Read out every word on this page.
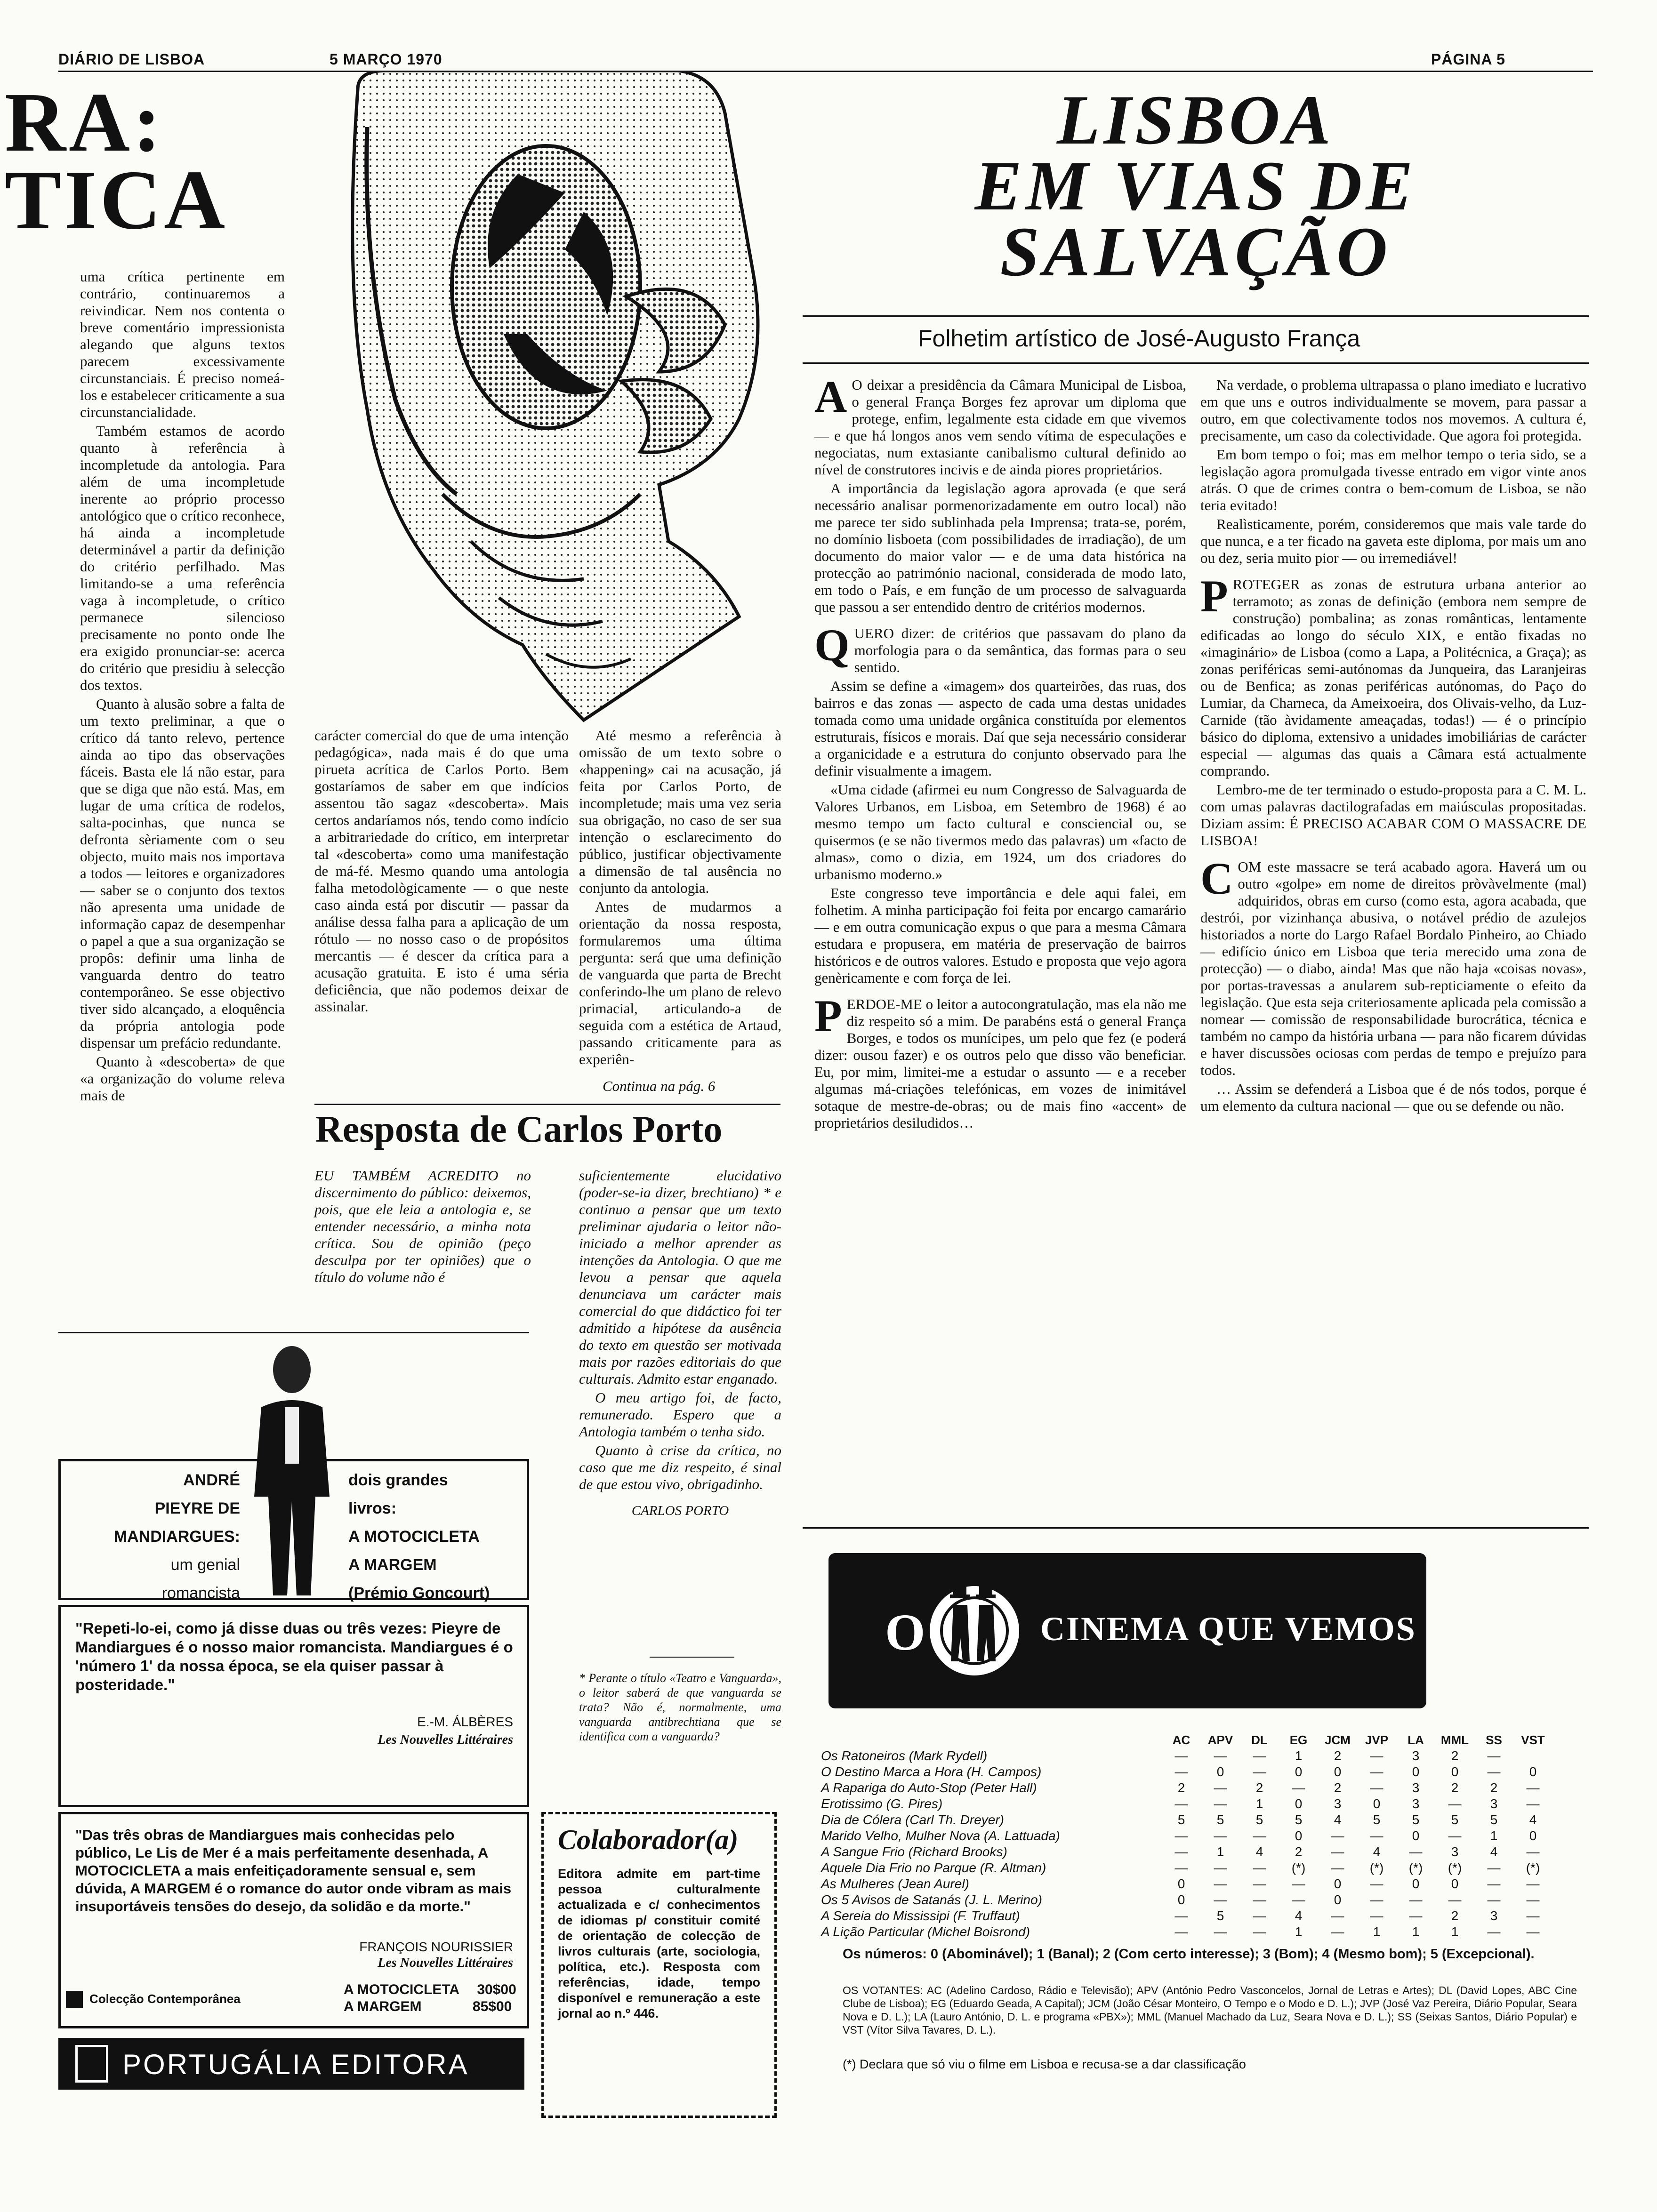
DIÁRIO DE LISBOA	5 MARÇO 1970	PÁGINA 5
RA:
TICA

uma crítica pertinente em contrário, continuaremos a reivindicar. Nem nos contenta o breve comentário impressionista alegando que alguns textos parecem excessivamente circunstanciais. É preciso nomeá-los e estabelecer criticamente a sua circunstancialidade.

Também estamos de acordo quanto à referência à incompletude da antologia. Para além de uma incompletude inerente ao próprio processo antológico que o crítico reconhece, há ainda a incompletude determinável a partir da definição do critério perfilhado. Mas limitando-se a uma referência vaga à incompletude, o crítico permanece silencioso precisamente no ponto onde lhe era exigido pronunciar-se: acerca do critério que presidiu à selecção dos textos.

Quanto à alusão sobre a falta de um texto preliminar, a que o crítico dá tanto relevo, pertence ainda ao tipo das observações fáceis. Basta ele lá não estar, para que se diga que não está. Mas, em lugar de uma crítica de rodelos, salta-pocinhas, que nunca se defronta sèriamente com o seu objecto, muito mais nos importava a todos — leitores e organizadores — saber se o conjunto dos textos não apresenta uma unidade de informação capaz de desempenhar o papel a que a sua organização se propôs: definir uma linha de vanguarda dentro do teatro contemporâneo. Se esse objectivo tiver sido alcançado, a eloquência da própria antologia pode dispensar um prefácio redundante.

Quanto à «descoberta» de que «a organização do volume releva mais de

carácter comercial do que de uma intenção pedagógica», nada mais é do que uma pirueta acrítica de Carlos Porto. Bem gostaríamos de saber em que indícios assentou tão sagaz «descoberta». Mais certos andaríamos nós, tendo como indício a arbitrariedade do crítico, em interpretar tal «descoberta» como uma manifestação de má-fé. Mesmo quando uma antologia falha metodològicamente — o que neste caso ainda está por discutir — passar da análise dessa falha para a aplicação de um rótulo — no nosso caso o de propósitos mercantis — é descer da crítica para a acusação gratuita. E isto é uma séria deficiência, que não podemos deixar de assinalar.

Até mesmo a referência à omissão de um texto sobre o «happening» cai na acusação, já feita por Carlos Porto, de incompletude; mais uma vez seria sua obrigação, no caso de ser sua intenção o esclarecimento do público, justificar objectivamente a dimensão de tal ausência no conjunto da antologia.

Antes de mudarmos a orientação da nossa resposta, formularemos uma última pergunta: será que uma definição de vanguarda que parta de Brecht conferindo-lhe um plano de relevo primacial, articulando-a de seguida com a estética de Artaud, passando criticamente para as experiên-

Continua na pág. 6
Resposta de Carlos Porto

EU TAMBÉM ACREDITO no discernimento do público: deixemos, pois, que ele leia a antologia e, se entender necessário, a minha nota crítica. Sou de opinião (peço desculpa por ter opiniões) que o título do volume não é

suficientemente elucidativo (poder-se-ia dizer, brechtiano) * e continuo a pensar que um texto preliminar ajudaria o leitor não-iniciado a melhor aprender as intenções da Antologia. O que me levou a pensar que aquela denunciava um carácter mais comercial do que didáctico foi ter admitido a hipótese da ausência do texto em questão ser motivada mais por razões editoriais do que culturais. Admito estar enganado.

O meu artigo foi, de facto, remunerado. Espero que a Antologia também o tenha sido.

Quanto à crise da crítica, no caso que me diz respeito, é sinal de que estou vivo, obrigadinho.

CARLOS PORTO

* Perante o título «Teatro e Vanguarda», o leitor saberá de que vanguarda se trata? Não é, normalmente, uma vanguarda antibrechtiana que se identifica com a vanguarda?
Colaborador(a)
Editora admite em part-time pessoa culturalmente actualizada e c/ conhecimentos de idiomas p/ constituir comité de orientação de colecção de livros culturais (arte, sociologia, política, etc.). Resposta com referências, idade, tempo disponível e remuneração a este jornal ao n.º 446.
ANDRÉ
PIEYRE DE
MANDIARGUES:
um genial
romancista
dois grandes
livros:
A MOTOCICLETA
A MARGEM
(Prémio Goncourt)
"Repeti-lo-ei, como já disse duas ou três vezes: Pieyre de Mandiargues é o nosso maior romancista. Mandiargues é o 'número 1' da nossa época, se ela quiser passar à posteridade."
E.-M. ÁLBÈRES
Les Nouvelles Littéraires
"Das três obras de Mandiargues mais conhecidas pelo público, Le Lis de Mer é a mais perfeitamente desenhada, A MOTOCICLETA a mais enfeitiçadoramente sensual e, sem dúvida, A MARGEM é o romance do autor onde vibram as mais insuportáveis tensões do desejo, da solidão e da morte."
FRANÇOIS NOURISSIER
Les Nouvelles Littéraires
Colecção Contemporânea
A MOTOCICLETA 30$00
A MARGEM	85$00
PORTUGÁLIA EDITORA
LISBOA
EM VIAS DE
SALVAÇÃO
Folhetim artístico de José-Augusto França

A O deixar a presidência da Câmara Municipal de Lisboa, o general França Borges fez aprovar um diploma que protege, enfim, legalmente esta cidade em que vivemos — e que há longos anos vem sendo vítima de especulações e negociatas, num extasiante canibalismo cultural definido ao nível de construtores incivis e de ainda piores proprietários.

A importância da legislação agora aprovada (e que será necessário analisar pormenorizadamente em outro local) não me parece ter sido sublinhada pela Imprensa; trata-se, porém, no domínio lisboeta (com possibilidades de irradiação), de um documento do maior valor — e de uma data histórica na protecção ao património nacional, considerada de modo lato, em todo o País, e em função de um processo de salvaguarda que passou a ser entendido dentro de critérios modernos.

QUERO dizer: de critérios que passavam do plano da morfologia para o da semântica, das formas para o seu sentido.

Assim se define a «imagem» dos quarteirões, das ruas, dos bairros e das zonas — aspecto de cada uma destas unidades tomada como uma unidade orgânica constituída por elementos estruturais, físicos e morais. Daí que seja necessário considerar a organicidade e a estrutura do conjunto observado para lhe definir visualmente a imagem.

«Uma cidade (afirmei eu num Congresso de Salvaguarda de Valores Urbanos, em Lisboa, em Setembro de 1968) é ao mesmo tempo um facto cultural e consciencial ou, se quisermos (e se não tivermos medo das palavras) um «facto de almas», como o dizia, em 1924, um dos criadores do urbanismo moderno.»

Este congresso teve importância e dele aqui falei, em folhetim. A minha participação foi feita por encargo camarário — e em outra comunicação expus o que para a mesma Câmara estudara e propusera, em matéria de preservação de bairros históricos e de outros valores. Estudo e proposta que vejo agora genèricamente e com força de lei.

PERDOE-ME o leitor a autocongratulação, mas ela não me diz respeito só a mim. De parabéns está o general França Borges, e todos os munícipes, um pelo que fez (e poderá dizer: ousou fazer) e os outros pelo que disso vão beneficiar. Eu, por mim, limitei-me a estudar o assunto — e a receber algumas má-criações telefónicas, em vozes de inimitável sotaque de mestre-de-obras; ou de mais fino «accent» de proprietários desiludidos…

Na verdade, o problema ultrapassa o plano imediato e lucrativo em que uns e outros individualmente se movem, para passar a outro, em que colectivamente todos nos movemos. A cultura é, precisamente, um caso da colectividade. Que agora foi protegida.

Em bom tempo o foi; mas em melhor tempo o teria sido, se a legislação agora promulgada tivesse entrado em vigor vinte anos atrás. O que de crimes contra o bem-comum de Lisboa, se não teria evitado!

Realìsticamente, porém, consideremos que mais vale tarde do que nunca, e a ter ficado na gaveta este diploma, por mais um ano ou dez, seria muito pior — ou irremediável!

PROTEGER as zonas de estrutura urbana anterior ao terramoto; as zonas de definição (embora nem sempre de construção) pombalina; as zonas românticas, lentamente edificadas ao longo do século XIX, e então fixadas no «imaginário» de Lisboa (como a Lapa, a Politécnica, a Graça); as zonas periféricas semi-autónomas da Junqueira, das Laranjeiras ou de Benfica; as zonas periféricas autónomas, do Paço do Lumiar, da Charneca, da Ameixoeira, dos Olivais-velho, da Luz-Carnide (tão àvidamente ameaçadas, todas!) — é o princípio básico do diploma, extensivo a unidades imobiliárias de carácter especial — algumas das quais a Câmara está actualmente comprando.

Lembro-me de ter terminado o estudo-proposta para a C. M. L. com umas palavras dactilografadas em maiúsculas propositadas. Diziam assim: É PRECISO ACABAR COM O MASSACRE DE LISBOA!

COM este massacre se terá acabado agora. Haverá um ou outro «golpe» em nome de direitos pròvàvelmente (mal) adquiridos, obras em curso (como esta, agora acabada, que destrói, por vizinhança abusiva, o notável prédio de azulejos historiados a norte do Largo Rafael Bordalo Pinheiro, ao Chiado — edifício único em Lisboa que teria merecido uma zona de protecção) — o diabo, ainda! Mas que não haja «coisas novas», por portas-travessas a anularem sub-repticiamente o efeito da legislação. Que esta seja criteriosamente aplicada pela comissão a nomear — comissão de responsabilidade burocrática, técnica e também no campo da história urbana — para não ficarem dúvidas e haver discussões ociosas com perdas de tempo e prejuízo para todos.

… Assim se defenderá a Lisboa que é de nós todos, porque é um elemento da cultura nacional — que ou se defende ou não.

O	CINEMA QUE VEMOS
	AC	APV	DL	EG	JCM	JVP	LA	MML	SS	VST
Os Ratoneiros (Mark Rydell)	—	—	—	1	2	—	3	2	—	
O Destino Marca a Hora (H. Campos)	—	0	—	0	0	—	0	0	—	0
A Rapariga do Auto-Stop (Peter Hall)	2	—	2	—	2	—	3	2	2	—
Erotissimo (G. Pires)	—	—	1	0	3	0	3	—	3	—
Dia de Cólera (Carl Th. Dreyer)	5	5	5	5	4	5	5	5	5	4
Marido Velho, Mulher Nova (A. Lattuada)	—	—	—	0	—	—	0	—	1	0
A Sangue Frio (Richard Brooks)	—	1	4	2	—	4	—	3	4	—
Aquele Dia Frio no Parque (R. Altman)	—	—	—	(*)	—	(*)	(*)	(*)	—	(*)
As Mulheres (Jean Aurel)	0	—	—	—	0	—	0	0	—	—
Os 5 Avisos de Satanás (J. L. Merino)	0	—	—	—	0	—	—	—	—	—
A Sereia do Mississipi (F. Truffaut)	—	5	—	4	—	—	—	2	3	—
A Lição Particular (Michel Boisrond)	—	—	—	1	—	1	1	1	—	—
Os números: 0 (Abominável); 1 (Banal); 2 (Com certo interesse); 3 (Bom); 4 (Mesmo bom); 5 (Excepcional).
OS VOTANTES: AC (Adelino Cardoso, Rádio e Televisão); APV (António Pedro Vasconcelos, Jornal de Letras e Artes); DL (David Lopes, ABC Cine Clube de Lisboa); EG (Eduardo Geada, A Capital); JCM (João César Monteiro, O Tempo e o Modo e D. L.); JVP (José Vaz Pereira, Diário Popular, Seara Nova e D. L.); LA (Lauro António, D. L. e programa «PBX»); MML (Manuel Machado da Luz, Seara Nova e D. L.); SS (Seixas Santos, Diário Popular) e VST (Vítor Silva Tavares, D. L.).
(*) Declara que só viu o filme em Lisboa e recusa-se a dar classificação
